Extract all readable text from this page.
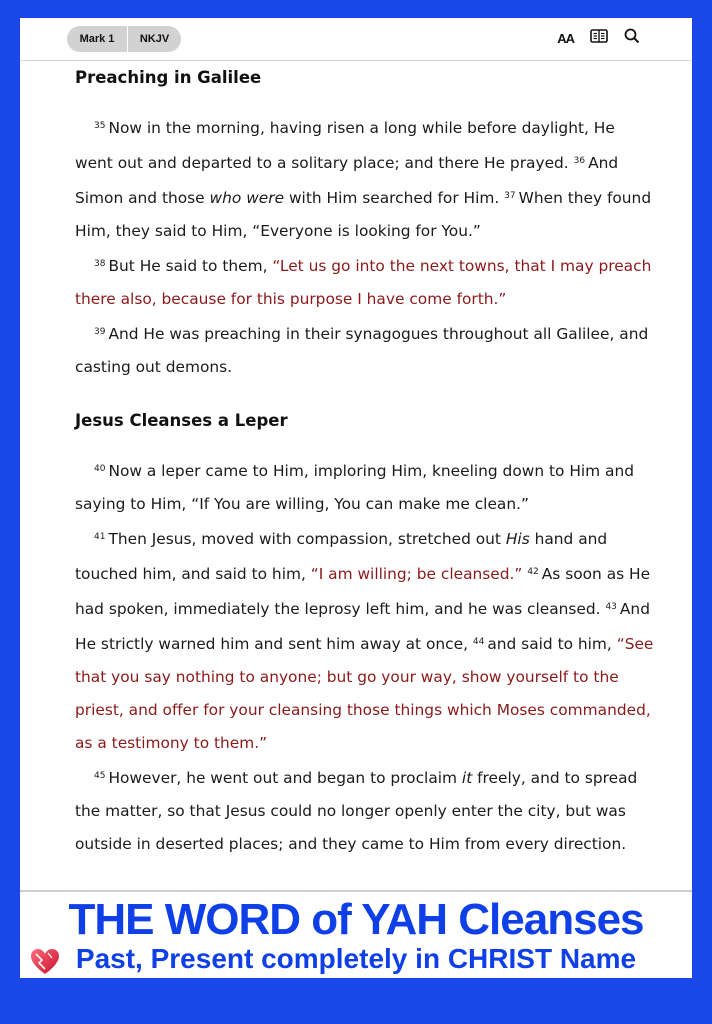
Mark 1	NKJV	AA
Preaching in Galilee

$^{35}$ Now in the morning, having risen a long while before daylight, He went out and departed to a solitary place; and there He prayed. $^{36}$ And Simon and those who were with Him searched for Him. $^{37}$ When they found Him, they said to Him, “Everyone is looking for You.”

$^{38}$ But He said to them, “Let us go into the next towns, that I may preach there also, because for this purpose I have come forth.”

$^{39}$ And He was preaching in their synagogues throughout all Galilee, and casting out demons.

Jesus Cleanses a Leper

$^{40}$ Now a leper came to Him, imploring Him, kneeling down to Him and saying to Him, “If You are willing, You can make me clean.”

$^{41}$ Then Jesus, moved with compassion, stretched out His hand and touched him, and said to him, “I am willing; be cleansed.” $^{42}$ As soon as He had spoken, immediately the leprosy left him, and he was cleansed. $^{43}$ And He strictly warned him and sent him away at once, $^{44}$ and said to him, “See that you say nothing to anyone; but go your way, show yourself to the priest, and offer for your cleansing those things which Moses commanded, as a testimony to them.”

$^{45}$ However, he went out and began to proclaim it freely, and to spread the matter, so that Jesus could no longer openly enter the city, but was outside in deserted places; and they came to Him from every direction.

THE WORD of YAH Cleanses
Past, Present completely in CHRIST Name
